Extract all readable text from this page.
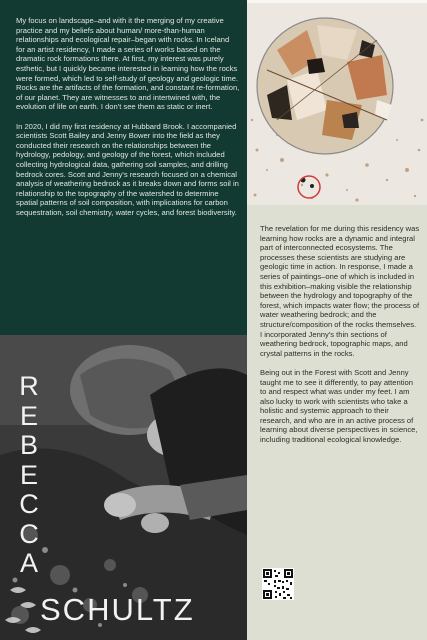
My focus on landscape–and with it the merging of my creative practice and my beliefs about human/ more-than-human relationships and ecological repair–began with rocks. In Iceland for an artist residency, I made a series of works based on the dramatic rock formations there. At first, my interest was purely esthetic, but I quickly became interested in learning how the rocks were formed, which led to self-study of geology and geologic time. Rocks are the artifacts of the formation, and constant re-formation, of our planet. They are witnesses to and intertwined with, the evolution of life on earth. I don't see them as static or inert.

In 2020, I did my first residency at Hubbard Brook. I accompanied scientists Scott Bailey and Jenny Bower into the field as they conducted their research on the relationships between the hydrology, pedology, and geology of the forest, which included collecting hydrological data, gathering soil samples, and drilling bedrock cores. Scott and Jenny's research focused on a chemical analysis of weathering bedrock as it breaks down and forms soil in relationship to the topography of the watershed to determine spatial patterns of soil composition, with implications for carbon sequestration, soil chemistry, water cycles, and forest biodiversity.

The revelation for me during this residency was learning how rocks are a dynamic and integral part of interconnected ecosystems. The processes these scientists are studying are geologic time in action. In response, I made a series of paintings–one of which is included in this exhibition–making visible the relationship between the hydrology and topography of the forest, which impacts water flow; the process of water weathering bedrock; and the structure/composition of the rocks themselves. I incorporated Jenny's thin sections of weathering bedrock, topographic maps, and crystal patterns in the rocks.

Being out in the Forest with Scott and Jenny taught me to see it differently, to pay attention to and respect what was under my feet. I am also lucky to work with scientists who take a holistic and systemic approach to their research, and who are in an active process of learning about diverse perspectives in science, including traditional ecological knowledge.

R
E
B
E
C
C
A
SCHULTZ
